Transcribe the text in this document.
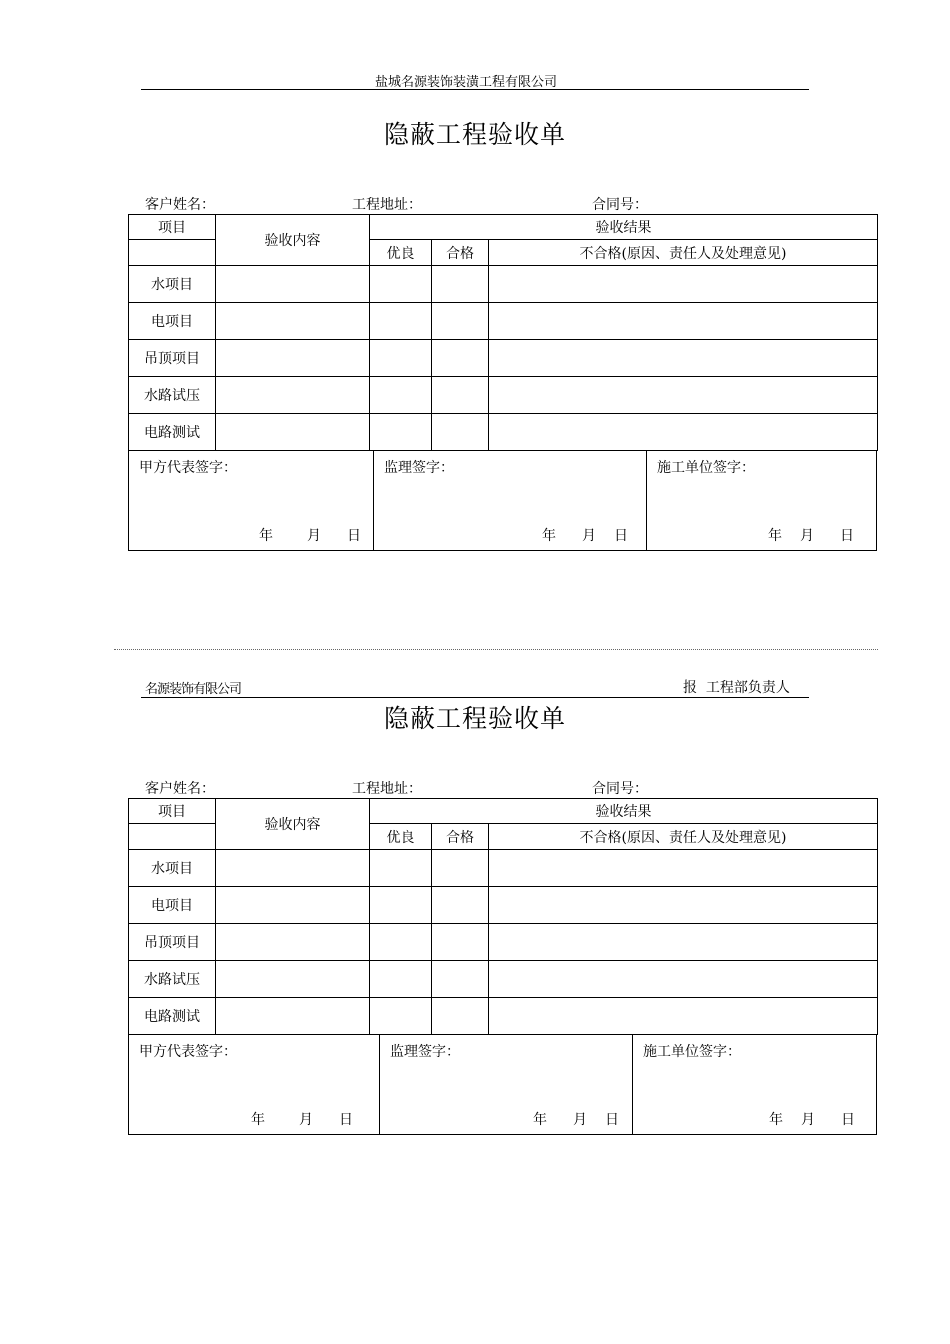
盐城名源装饰装潢工程有限公司
隐蔽工程验收单
客户姓名：	工程地址：	合同号：
项目	验收内容	验收结果		
		优良	合格	不合格(原因、责任人及处理意见)
水项目				
电项目				
吊顶项目				
水路试压				
电路测试				
甲方代表签字：
年 月 日
监理签字：
年 月 日
施工单位签字：
年 月 日
名源装饰有限公司	报  工程部负责人
隐蔽工程验收单
客户姓名：	工程地址：	合同号：
项目	验收内容	验收结果		
		优良	合格	不合格(原因、责任人及处理意见)
水项目				
电项目				
吊顶项目				
水路试压				
电路测试				
甲方代表签字：
年 月 日
监理签字：
年 月 日
施工单位签字：
年 月 日
